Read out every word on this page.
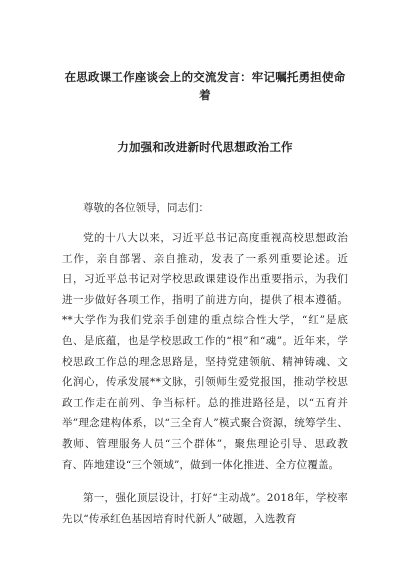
在思政课工作座谈会上的交流发言：牢记嘱托勇担使命着
力加强和改进新时代思想政治工作

尊敬的各位领导，同志们：

党的十八大以来，习近平总书记高度重视高校思想政治工作，亲自部署、亲自推动，发表了一系列重要论述。近日，习近平总书记对学校思政课建设作出重要指示，为我们进一步做好各项工作，指明了前进方向，提供了根本遵循。**大学作为我们党亲手创建的重点综合性大学，“红”是底色、是底蕴，也是学校思政工作的“根”和“魂”。近年来，学校思政工作总的理念思路是，坚持党建领航、精神铸魂、文化润心，传承发展**文脉，引领师生爱党报国，推动学校思政工作走在前列、争当标杆。总的推进路径是，以“五育并举”理念建构体系，以“三全育人”模式聚合资源，统筹学生、教师、管理服务人员“三个群体”，聚焦理论引导、思政教育、阵地建设“三个领域”，做到一体化推进、全方位覆盖。

第一，强化顶层设计，打好“主动战”。2018年，学校率先以“传承红色基因培育时代新人”破题，入选教育
